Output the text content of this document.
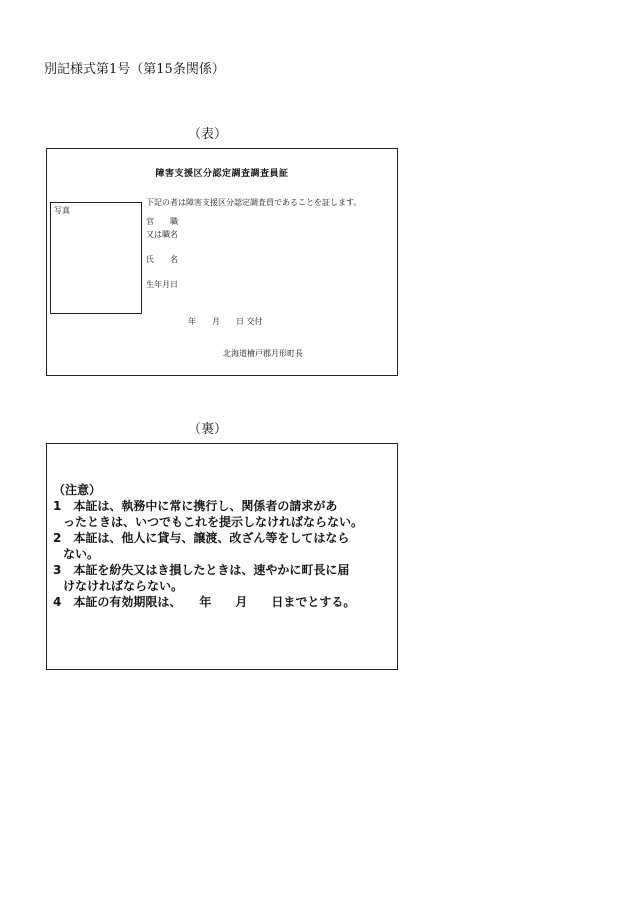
別記様式第1号（第15条関係）
（表）
障害支援区分認定調査調査員証
写真
下記の者は障害支援区分認定調査員であることを証します。
官　　職
又は職名
氏　　名
生年月日
年　　月　　日 交付
北海道檜戸郡月形町長
（裏）
（注意）
1　本証は、執務中に常に携行し、関係者の請求があ
ったときは、いつでもこれを提示しなければならない。
2　本証は、他人に貸与、譲渡、改ざん等をしてはなら
ない。
3　本証を紛失又はき損したときは、速やかに町長に届
けなければならない。
4　本証の有効期限は、　　年　　月　　日までとする。
